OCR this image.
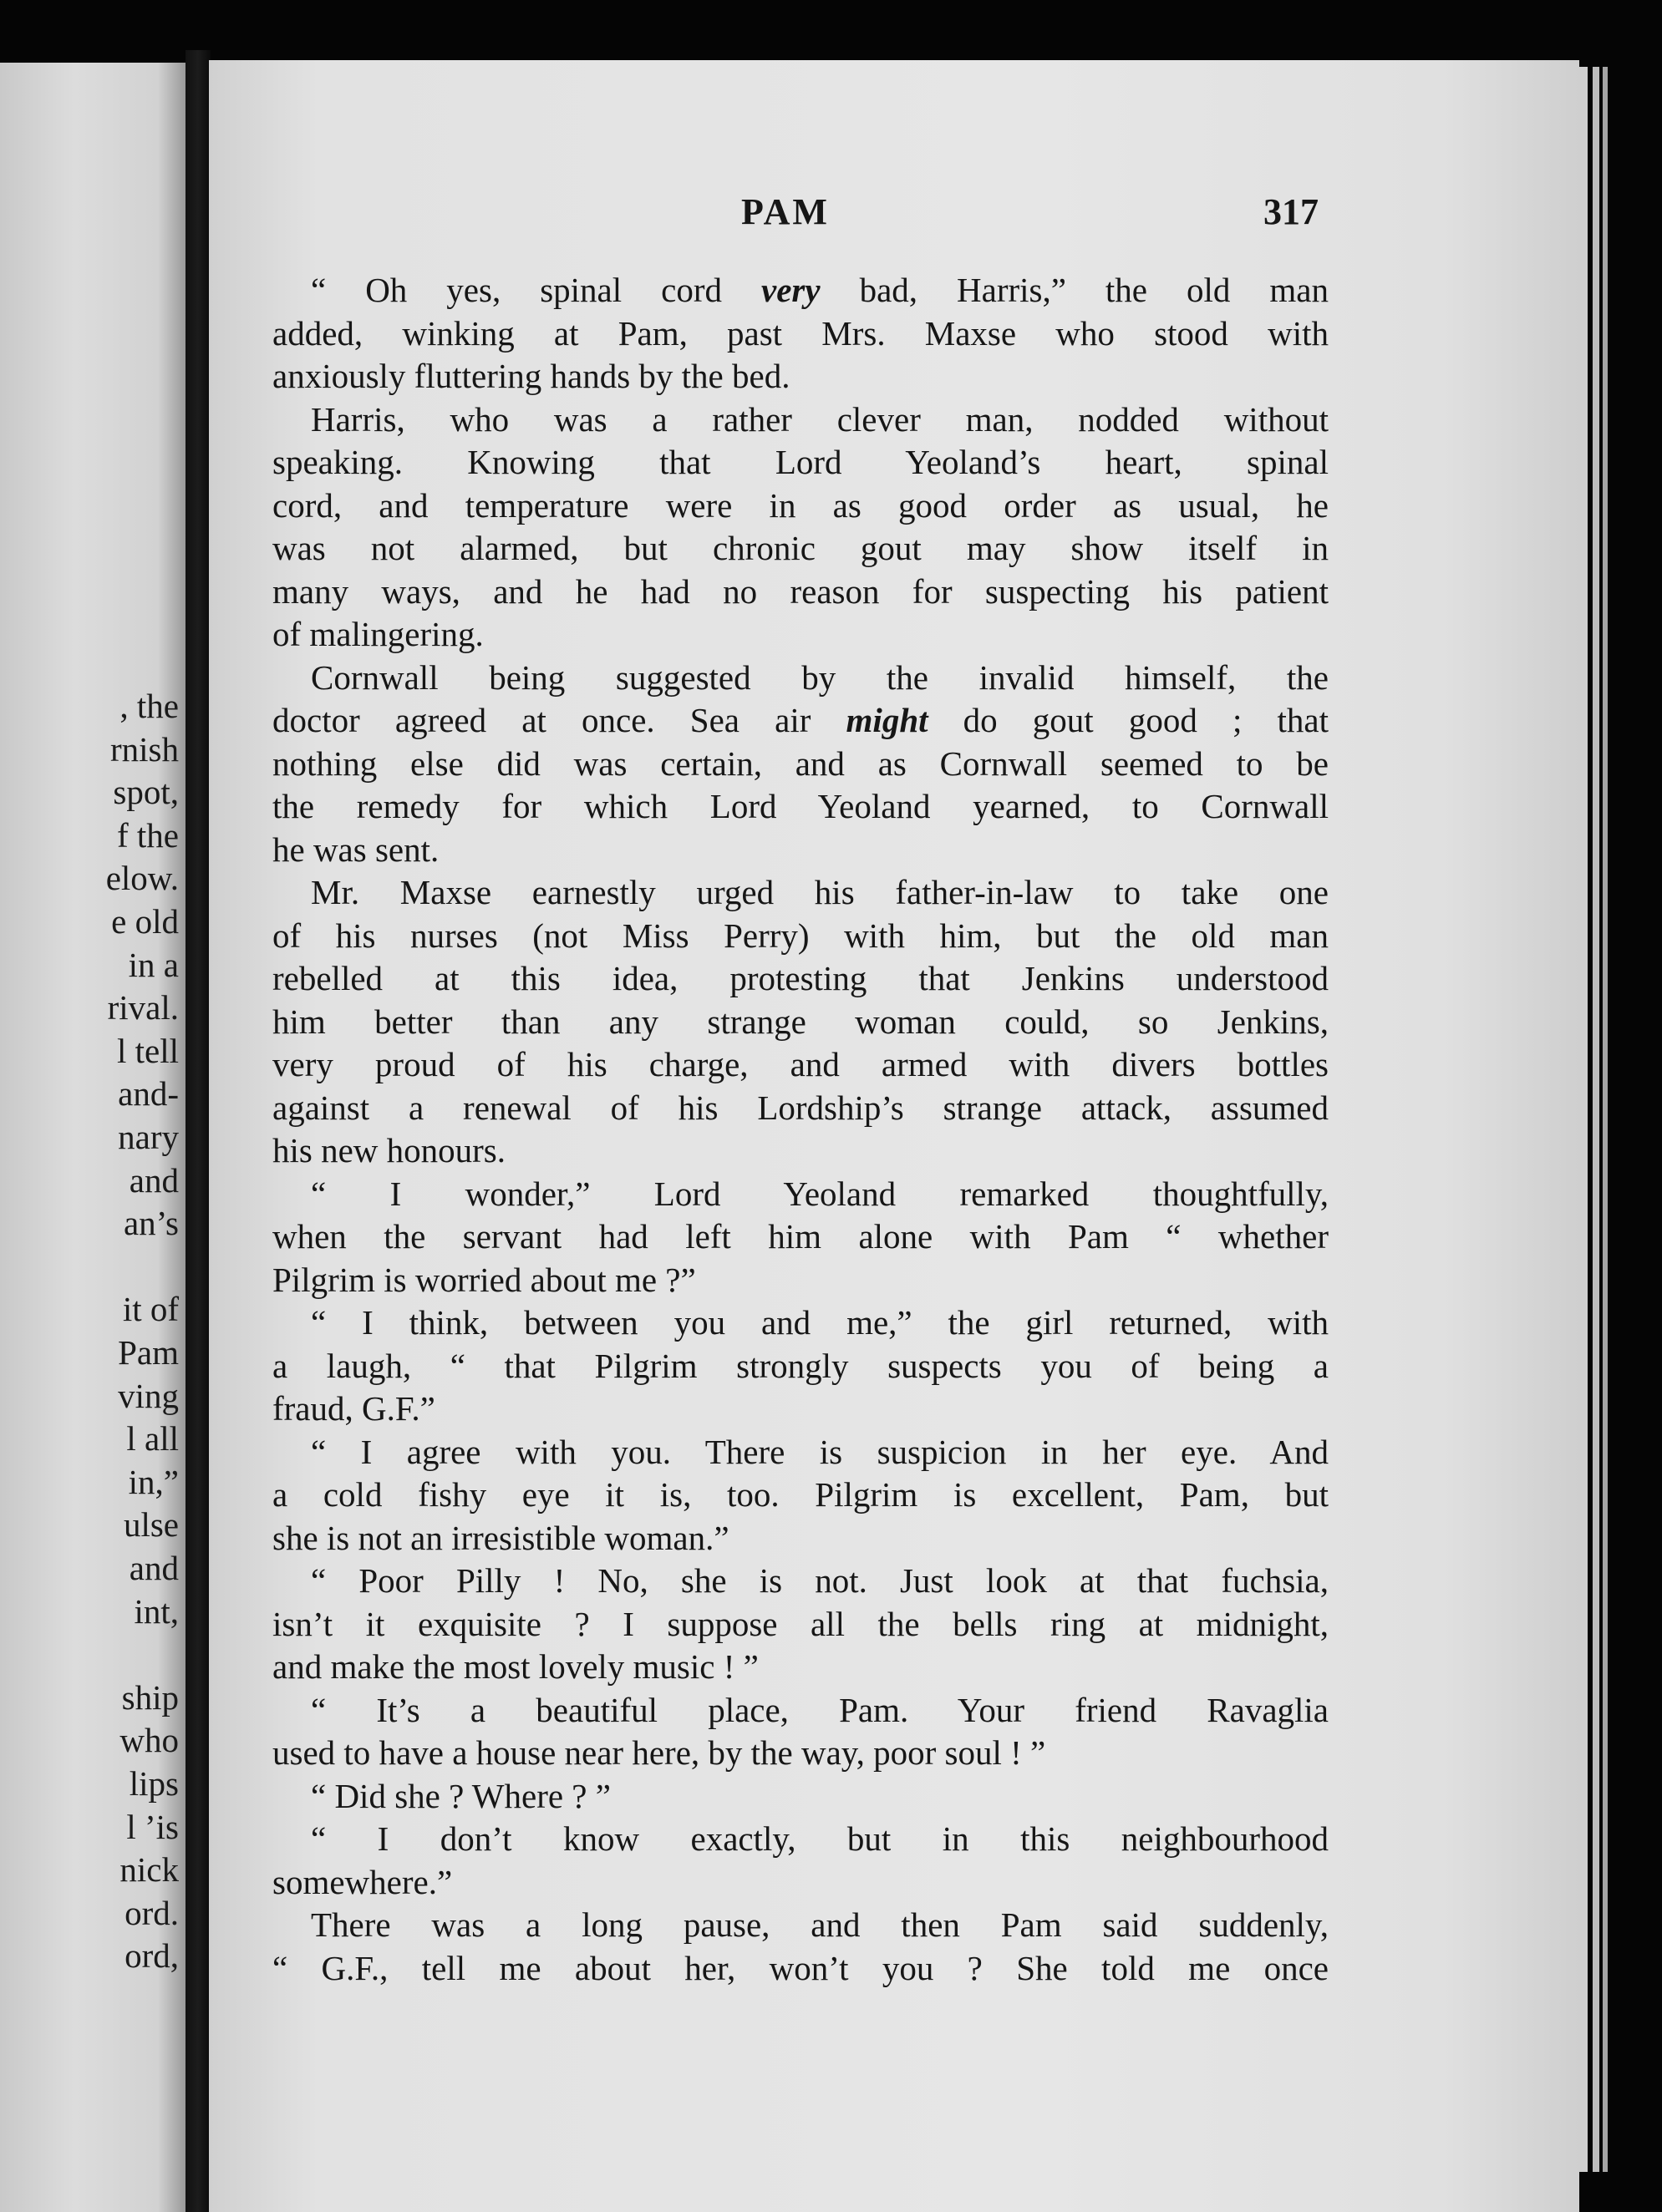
, the
rnish
spot,
f the
elow.
e old
in a
rival.
l tell
and-
nary
and
an’s
it of
Pam
ving
l all
in,”
ulse
and
int,
ship
who
lips
l ’is
nick
ord.
ord,
PAM	317
“ Oh yes, spinal cord very bad, Harris,” the old man
added, winking at Pam, past Mrs. Maxse who stood with
anxiously fluttering hands by the bed.
Harris, who was a rather clever man, nodded without
speaking. Knowing that Lord Yeoland’s heart, spinal
cord, and temperature were in as good order as usual, he
was not alarmed, but chronic gout may show itself in
many ways, and he had no reason for suspecting his patient
of malingering.
Cornwall being suggested by the invalid himself, the
doctor agreed at once. Sea air might do gout good ; that
nothing else did was certain, and as Cornwall seemed to be
the remedy for which Lord Yeoland yearned, to Cornwall
he was sent.
Mr. Maxse earnestly urged his father-in-law to take one
of his nurses (not Miss Perry) with him, but the old man
rebelled at this idea, protesting that Jenkins understood
him better than any strange woman could, so Jenkins,
very proud of his charge, and armed with divers bottles
against a renewal of his Lordship’s strange attack, assumed
his new honours.
“ I wonder,” Lord Yeoland remarked thoughtfully,
when the servant had left him alone with Pam “ whether
Pilgrim is worried about me ?”
“ I think, between you and me,” the girl returned, with
a laugh, “ that Pilgrim strongly suspects you of being a
fraud, G.F.”
“ I agree with you. There is suspicion in her eye. And
a cold fishy eye it is, too. Pilgrim is excellent, Pam, but
she is not an irresistible woman.”
“ Poor Pilly ! No, she is not. Just look at that fuchsia,
isn’t it exquisite ? I suppose all the bells ring at midnight,
and make the most lovely music ! ”
“ It’s a beautiful place, Pam. Your friend Ravaglia
used to have a house near here, by the way, poor soul ! ”
“ Did she ? Where ? ”
“ I don’t know exactly, but in this neighbourhood
somewhere.”
There was a long pause, and then Pam said suddenly,
“ G.F., tell me about her, won’t you ? She told me once
